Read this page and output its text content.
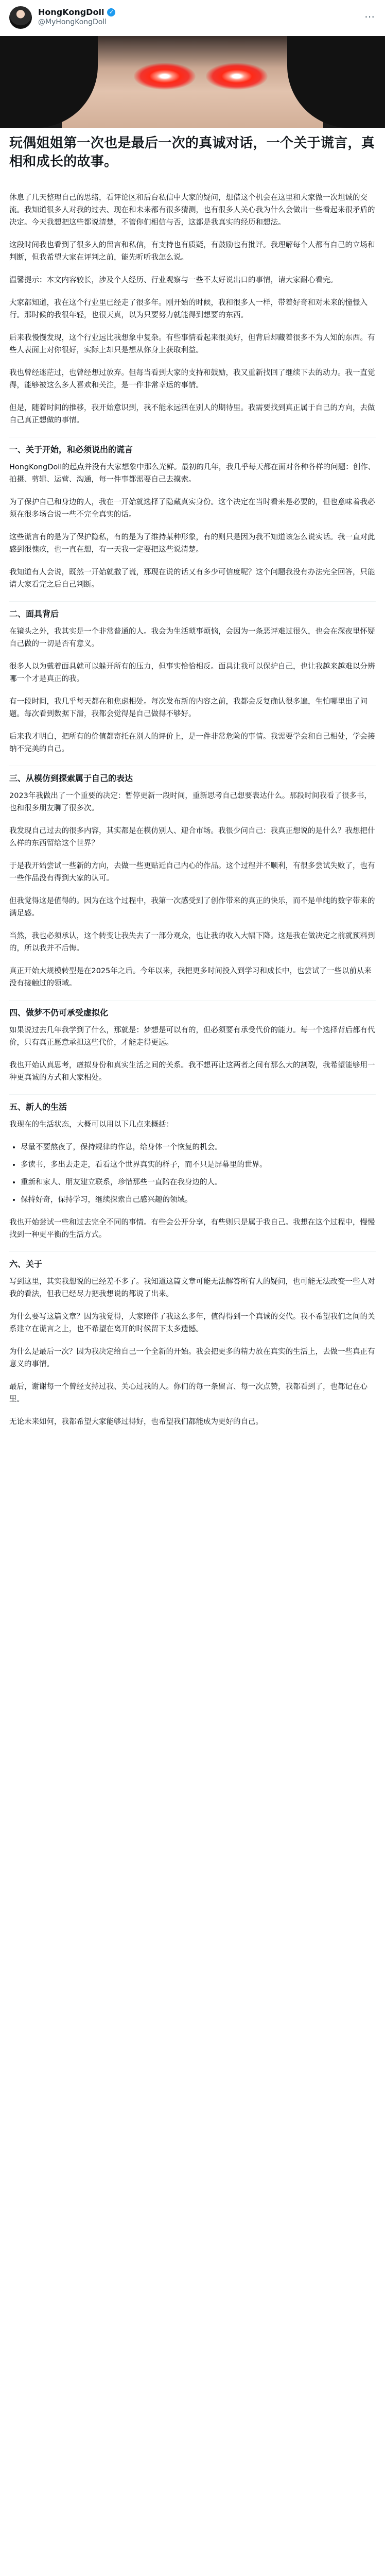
HongKongDoll ✓
@MyHongKongDoll	⋯
玩偶姐姐第一次也是最后一次的真诚对话，一个关于谎言，真相和成长的故事。

休息了几天整理自己的思绪，看评论区和后台私信中大家的疑问，想借这个机会在这里和大家做一次坦诚的交流。我知道很多人对我的过去、现在和未来都有很多猜测，也有很多人关心我为什么会做出一些看起来很矛盾的决定。今天我想把这些都说清楚，不管你们相信与否，这都是我真实的经历和想法。

这段时间我也看到了很多人的留言和私信，有支持也有质疑，有鼓励也有批评。我理解每个人都有自己的立场和判断，但我希望大家在评判之前，能先听听我怎么说。

温馨提示：本文内容较长，涉及个人经历、行业观察与一些不太好说出口的事情，请大家耐心看完。

大家都知道，我在这个行业里已经走了很多年。刚开始的时候，我和很多人一样，带着好奇和对未来的憧憬入行。那时候的我很年轻，也很天真，以为只要努力就能得到想要的东西。

后来我慢慢发现，这个行业远比我想象中复杂。有些事情看起来很美好，但背后却藏着很多不为人知的东西。有些人表面上对你很好，实际上却只是想从你身上获取利益。

我也曾经迷茫过，也曾经想过放弃。但每当看到大家的支持和鼓励，我又重新找回了继续下去的动力。我一直觉得，能够被这么多人喜欢和关注，是一件非常幸运的事情。

但是，随着时间的推移，我开始意识到，我不能永远活在别人的期待里。我需要找到真正属于自己的方向，去做自己真正想做的事情。

一、关于开始，和必须说出的谎言

HongKongDoll的起点并没有大家想象中那么光鲜。最初的几年，我几乎每天都在面对各种各样的问题：创作、拍摄、剪辑、运营、沟通，每一件事都需要自己去摸索。

为了保护自己和身边的人，我在一开始就选择了隐藏真实身份。这个决定在当时看来是必要的，但也意味着我必须在很多场合说一些不完全真实的话。

这些谎言有的是为了保护隐私，有的是为了维持某种形象，有的则只是因为我不知道该怎么说实话。我一直对此感到很愧疚，也一直在想，有一天我一定要把这些说清楚。

我知道有人会说，既然一开始就撒了谎，那现在说的话又有多少可信度呢？这个问题我没有办法完全回答，只能请大家看完之后自己判断。

二、面具背后

在镜头之外，我其实是一个非常普通的人。我会为生活琐事烦恼，会因为一条恶评难过很久，也会在深夜里怀疑自己做的一切是否有意义。

很多人以为戴着面具就可以躲开所有的压力，但事实恰恰相反。面具让我可以保护自己，也让我越来越难以分辨哪一个才是真正的我。

有一段时间，我几乎每天都在和焦虑相处。每次发布新的内容之前，我都会反复确认很多遍，生怕哪里出了问题。每次看到数据下滑，我都会觉得是自己做得不够好。

后来我才明白，把所有的价值都寄托在别人的评价上，是一件非常危险的事情。我需要学会和自己相处，学会接纳不完美的自己。

三、从模仿到探索属于自己的表达

2023年我做出了一个重要的决定：暂停更新一段时间，重新思考自己想要表达什么。那段时间我看了很多书，也和很多朋友聊了很多次。

我发现自己过去的很多内容，其实都是在模仿别人、迎合市场。我很少问自己：我真正想说的是什么？我想把什么样的东西留给这个世界？

于是我开始尝试一些新的方向，去做一些更贴近自己内心的作品。这个过程并不顺利，有很多尝试失败了，也有一些作品没有得到大家的认可。

但我觉得这是值得的。因为在这个过程中，我第一次感受到了创作带来的真正的快乐，而不是单纯的数字带来的满足感。

当然，我也必须承认，这个转变让我失去了一部分观众，也让我的收入大幅下降。这是我在做决定之前就预料到的，所以我并不后悔。

真正开始大规模转型是在2025年之后。今年以来，我把更多时间投入到学习和成长中，也尝试了一些以前从来没有接触过的领域。

四、做梦不仍可承受虚拟化

如果说过去几年我学到了什么，那就是：梦想是可以有的，但必须要有承受代价的能力。每一个选择背后都有代价，只有真正愿意承担这些代价，才能走得更远。

我也开始认真思考，虚拟身份和真实生活之间的关系。我不想再让这两者之间有那么大的割裂，我希望能够用一种更真诚的方式和大家相处。

五、新人的生活

我现在的生活状态，大概可以用以下几点来概括：

• 尽量不要熬夜了，保持规律的作息，给身体一个恢复的机会。
• 多读书，多出去走走，看看这个世界真实的样子，而不只是屏幕里的世界。
• 重新和家人、朋友建立联系，珍惜那些一直陪在我身边的人。
• 保持好奇，保持学习，继续探索自己感兴趣的领域。

我也开始尝试一些和过去完全不同的事情。有些会公开分享，有些则只是属于我自己。我想在这个过程中，慢慢找到一种更平衡的生活方式。

六、关于

写到这里，其实我想说的已经差不多了。我知道这篇文章可能无法解答所有人的疑问，也可能无法改变一些人对我的看法，但我已经尽力把我想说的都说了出来。

为什么要写这篇文章？因为我觉得，大家陪伴了我这么多年，值得得到一个真诚的交代。我不希望我们之间的关系建立在谎言之上，也不希望在离开的时候留下太多遗憾。

为什么是最后一次？因为我决定给自己一个全新的开始。我会把更多的精力放在真实的生活上，去做一些真正有意义的事情。

最后，谢谢每一个曾经支持过我、关心过我的人。你们的每一条留言、每一次点赞，我都看到了，也都记在心里。

无论未来如何，我都希望大家能够过得好，也希望我们都能成为更好的自己。
